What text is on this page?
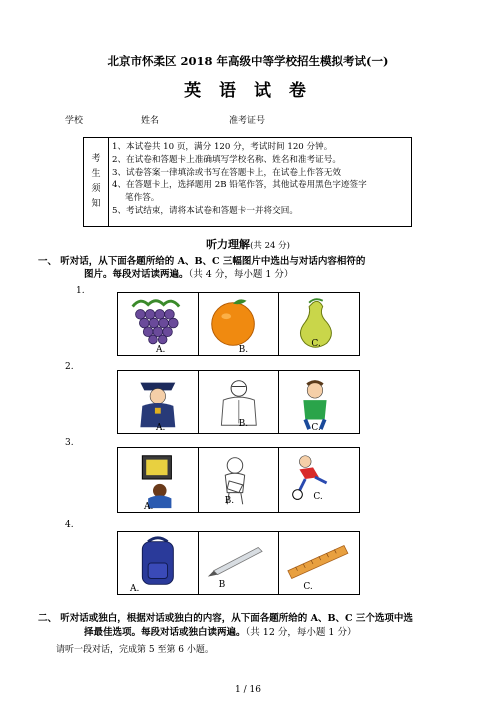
北京市怀柔区 2018 年高级中等学校招生模拟考试(一)
英 语 试 卷
学校	姓名	准考证号
考
生
须
知
1、本试卷共 10 页，满分 120 分，考试时间 120 分钟。
2、在试卷和答题卡上准确填写学校名称、姓名和准考证号。
3、试卷答案一律填涂或书写在答题卡上，在试卷上作答无效
4、在答题卡上，选择题用 2B 铅笔作答，其他试卷用黑色字迹签字
笔作答。
5、考试结束，请将本试卷和答题卡一并将交回。
听力理解(共 24 分)
一、 听对话，从下面各题所给的 A、B、C 三幅图片中选出与对话内容相符的
图片。每段对话读两遍。（共 4 分，每小题 1 分）
1.
A.	B.
C.
2.
A.	B.	C.
3.
A.
B.	C.
4.
A.	B	C.
二、 听对话或独白，根据对话或独白的内容，从下面各题所给的 A、B、C 三个选项中选
择最佳选项。每段对话或独白读两遍。（共 12 分，每小题 1 分）
请听一段对话，完成第 5 至第 6 小题。
1 / 16
